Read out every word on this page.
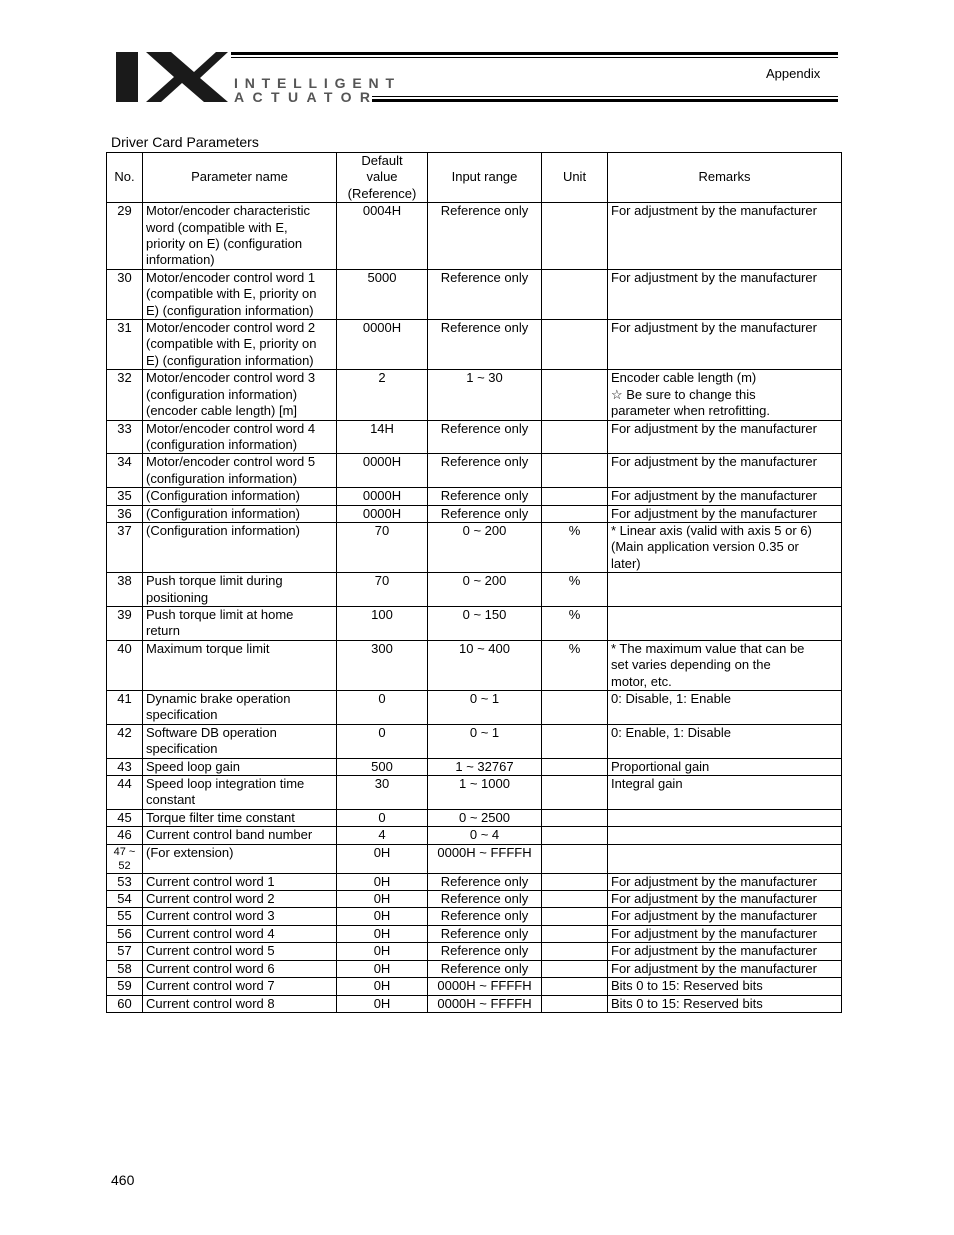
INTELLIGENT
ACTUATOR
Appendix
Driver Card Parameters
No.	Parameter name	Default
value
(Reference)	Input range	Unit	Remarks
29	Motor/encoder characteristic
word (compatible with E,
priority on E) (configuration
information)	0004H	Reference only		For adjustment by the manufacturer
30	Motor/encoder control word 1
(compatible with E, priority on
E) (configuration information)	5000	Reference only		For adjustment by the manufacturer
31	Motor/encoder control word 2
(compatible with E, priority on
E) (configuration information)	0000H	Reference only		For adjustment by the manufacturer
32	Motor/encoder control word 3
(configuration information)
(encoder cable length) [m]	2	1 ~ 30		Encoder cable length (m)
☆ Be sure to change this
parameter when retrofitting.
33	Motor/encoder control word 4
(configuration information)	14H	Reference only		For adjustment by the manufacturer
34	Motor/encoder control word 5
(configuration information)	0000H	Reference only		For adjustment by the manufacturer
35	(Configuration information)	0000H	Reference only		For adjustment by the manufacturer
36	(Configuration information)	0000H	Reference only		For adjustment by the manufacturer
37	(Configuration information)	70	0 ~ 200	%	* Linear axis (valid with axis 5 or 6)
(Main application version 0.35 or
later)
38	Push torque limit during
positioning	70	0 ~ 200	%	
39	Push torque limit at home
return	100	0 ~ 150	%	
40	Maximum torque limit	300	10 ~ 400	%	* The maximum value that can be
set varies depending on the
motor, etc.
41	Dynamic brake operation
specification	0	0 ~ 1		0: Disable, 1: Enable
42	Software DB operation
specification	0	0 ~ 1		0: Enable, 1: Disable
43	Speed loop gain	500	1 ~ 32767		Proportional gain
44	Speed loop integration time
constant	30	1 ~ 1000		Integral gain
45	Torque filter time constant	0	0 ~ 2500		
46	Current control band number	4	0 ~ 4		
47 ~
52	(For extension)	0H	0000H ~ FFFFH		
53	Current control word 1	0H	Reference only		For adjustment by the manufacturer
54	Current control word 2	0H	Reference only		For adjustment by the manufacturer
55	Current control word 3	0H	Reference only		For adjustment by the manufacturer
56	Current control word 4	0H	Reference only		For adjustment by the manufacturer
57	Current control word 5	0H	Reference only		For adjustment by the manufacturer
58	Current control word 6	0H	Reference only		For adjustment by the manufacturer
59	Current control word 7	0H	0000H ~ FFFFH		Bits 0 to 15: Reserved bits
60	Current control word 8	0H	0000H ~ FFFFH		Bits 0 to 15: Reserved bits
460
